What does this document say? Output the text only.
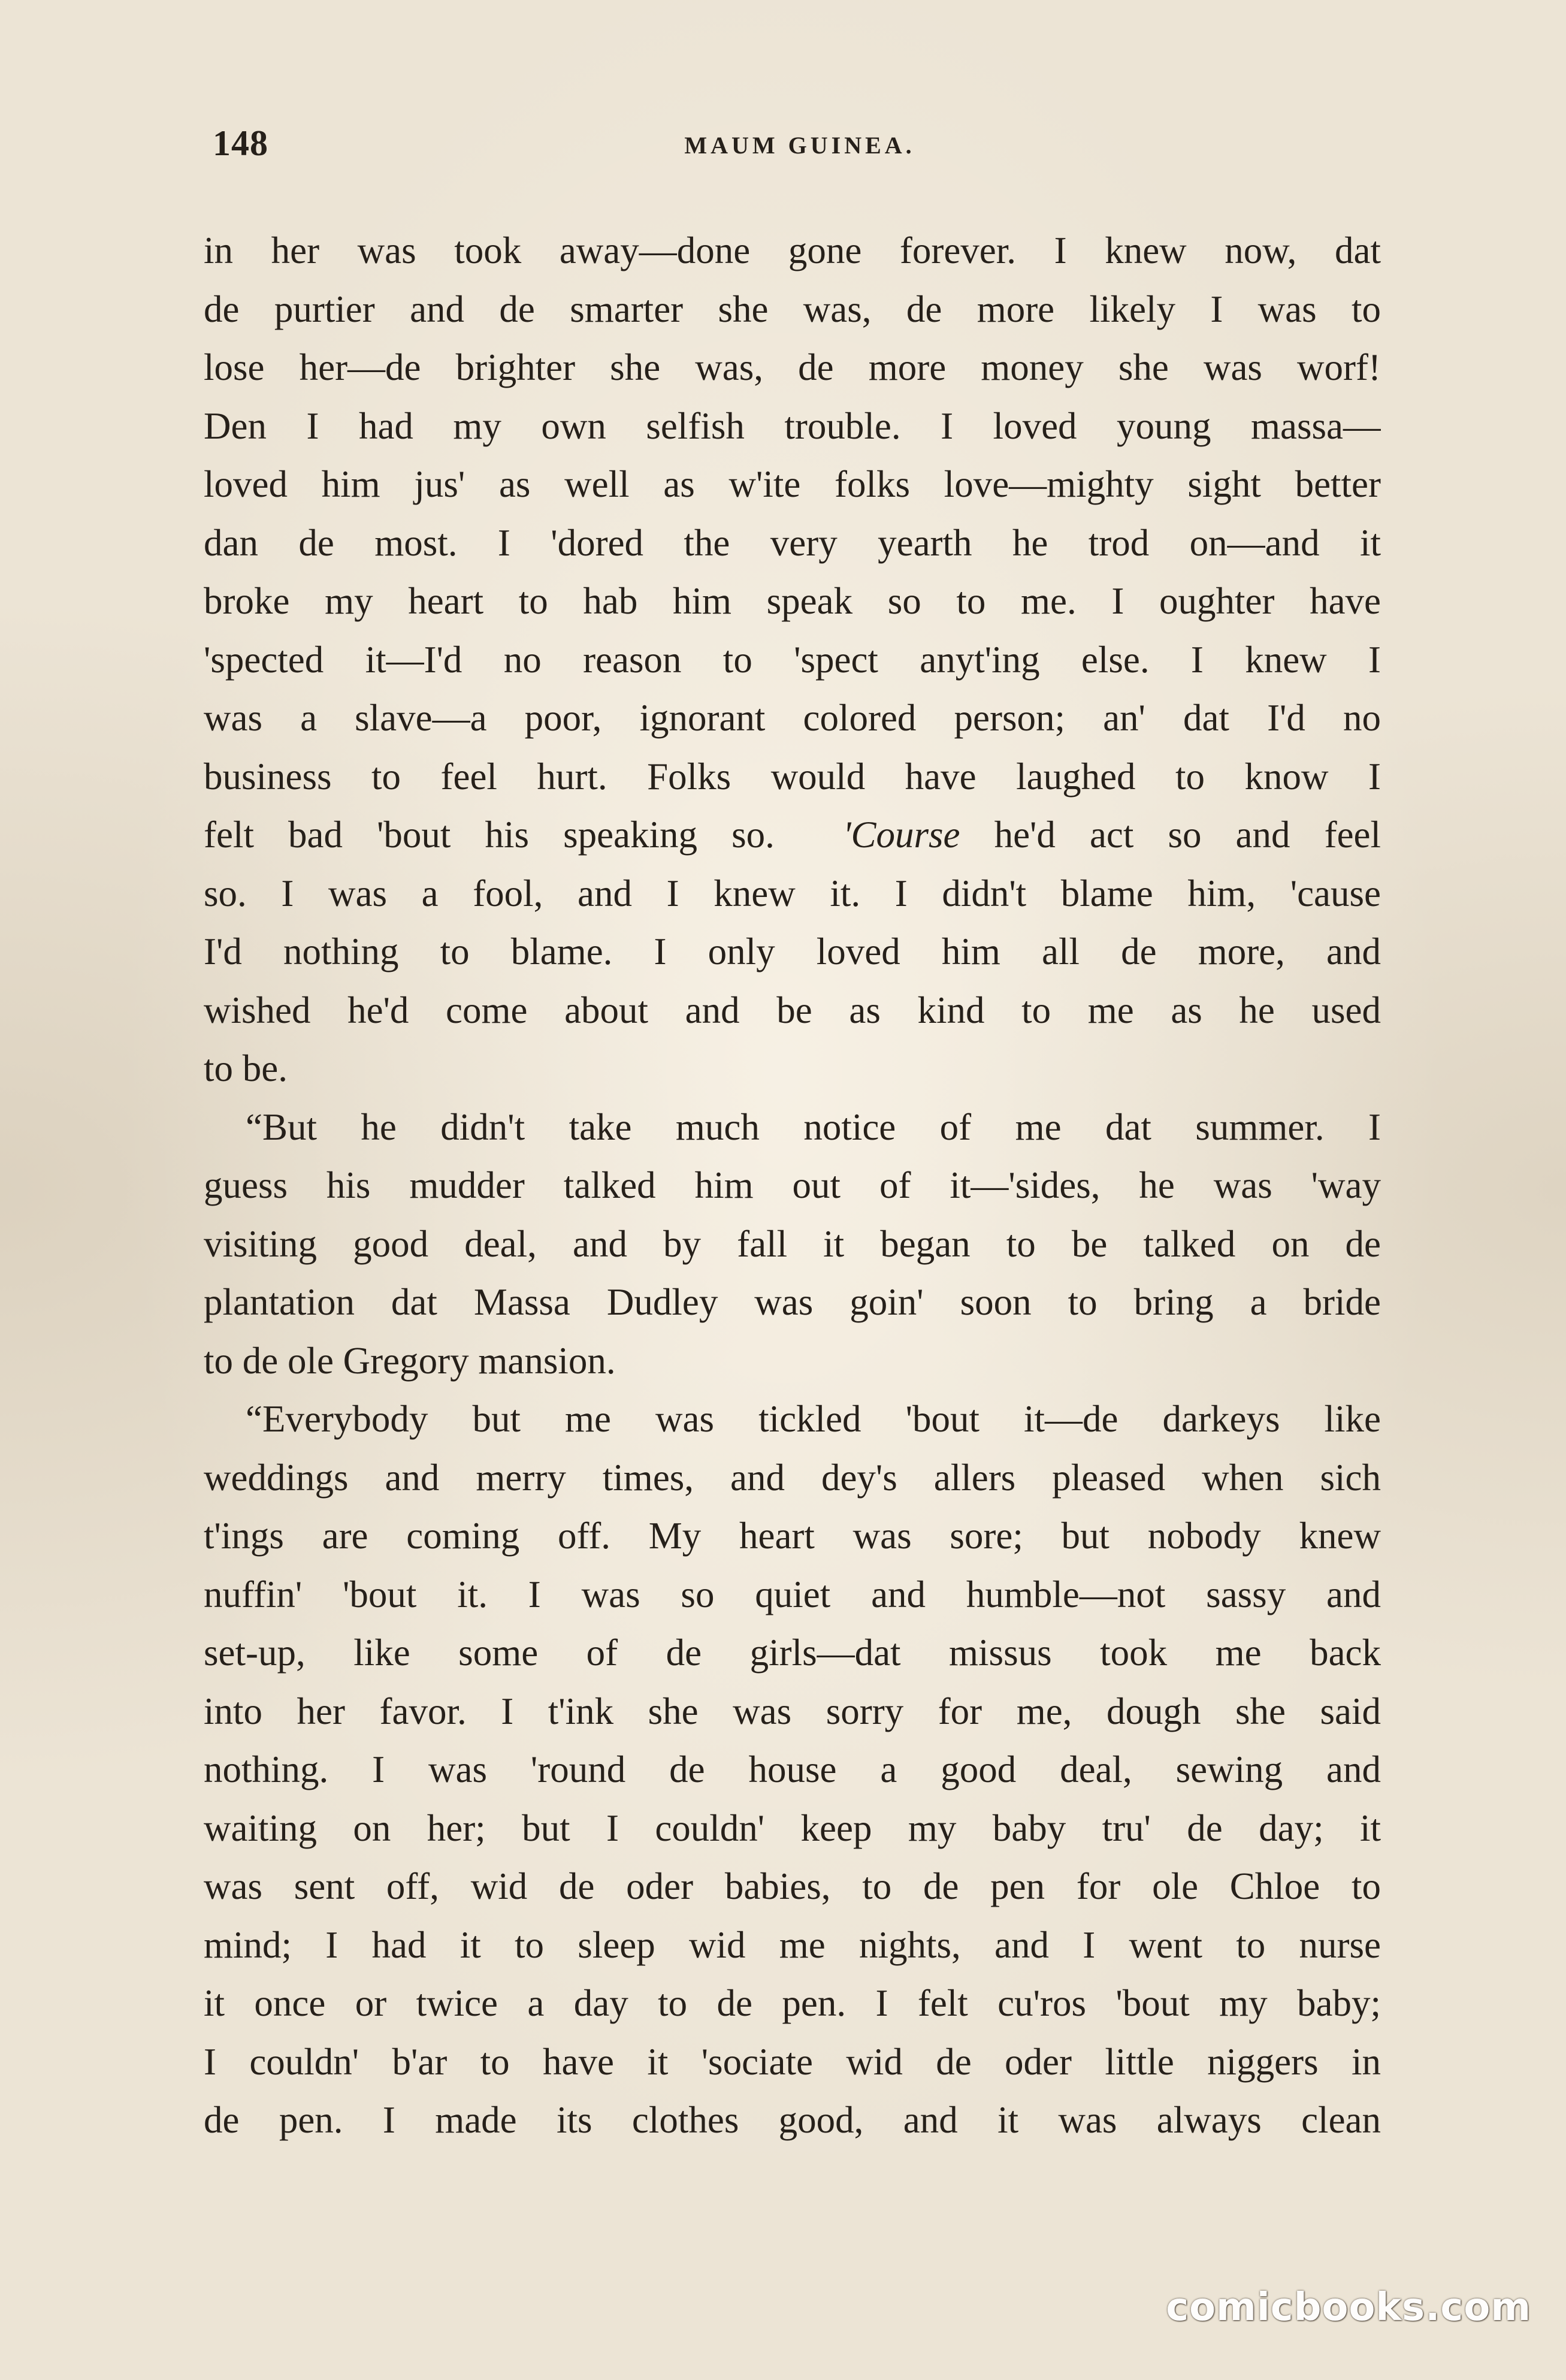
148	MAUM GUINEA.
in her was took away—done gone forever. I knew now, dat
de purtier and de smarter she was, de more likely I was to
lose her—de brighter she was, de more money she was worf!
Den I had my own selfish trouble. I loved young massa—
loved him jus' as well as w'ite folks love—mighty sight better
dan de most. I 'dored the very yearth he trod on—and it
broke my heart to hab him speak so to me. I oughter have
'spected it—I'd no reason to 'spect anyt'ing else. I knew I
was a slave—a poor, ignorant colored person; an' dat I'd no
business to feel hurt. Folks would have laughed to know I
felt bad 'bout his speaking so. 'Course he'd act so and feel
so. I was a fool, and I knew it. I didn't blame him, 'cause
I'd nothing to blame. I only loved him all de more, and
wished he'd come about and be as kind to me as he used
to be.
“But he didn't take much notice of me dat summer. I
guess his mudder talked him out of it—'sides, he was 'way
visiting good deal, and by fall it began to be talked on de
plantation dat Massa Dudley was goin' soon to bring a bride
to de ole Gregory mansion.
“Everybody but me was tickled 'bout it—de darkeys like
weddings and merry times, and dey's allers pleased when sich
t'ings are coming off. My heart was sore; but nobody knew
nuffin' 'bout it. I was so quiet and humble—not sassy and
set-up, like some of de girls—dat missus took me back
into her favor. I t'ink she was sorry for me, dough she said
nothing. I was 'round de house a good deal, sewing and
waiting on her; but I couldn' keep my baby tru' de day; it
was sent off, wid de oder babies, to de pen for ole Chloe to
mind; I had it to sleep wid me nights, and I went to nurse
it once or twice a day to de pen. I felt cu'ros 'bout my baby;
I couldn' b'ar to have it 'sociate wid de oder little niggers in
de pen. I made its clothes good, and it was always clean
comicbooks.com
